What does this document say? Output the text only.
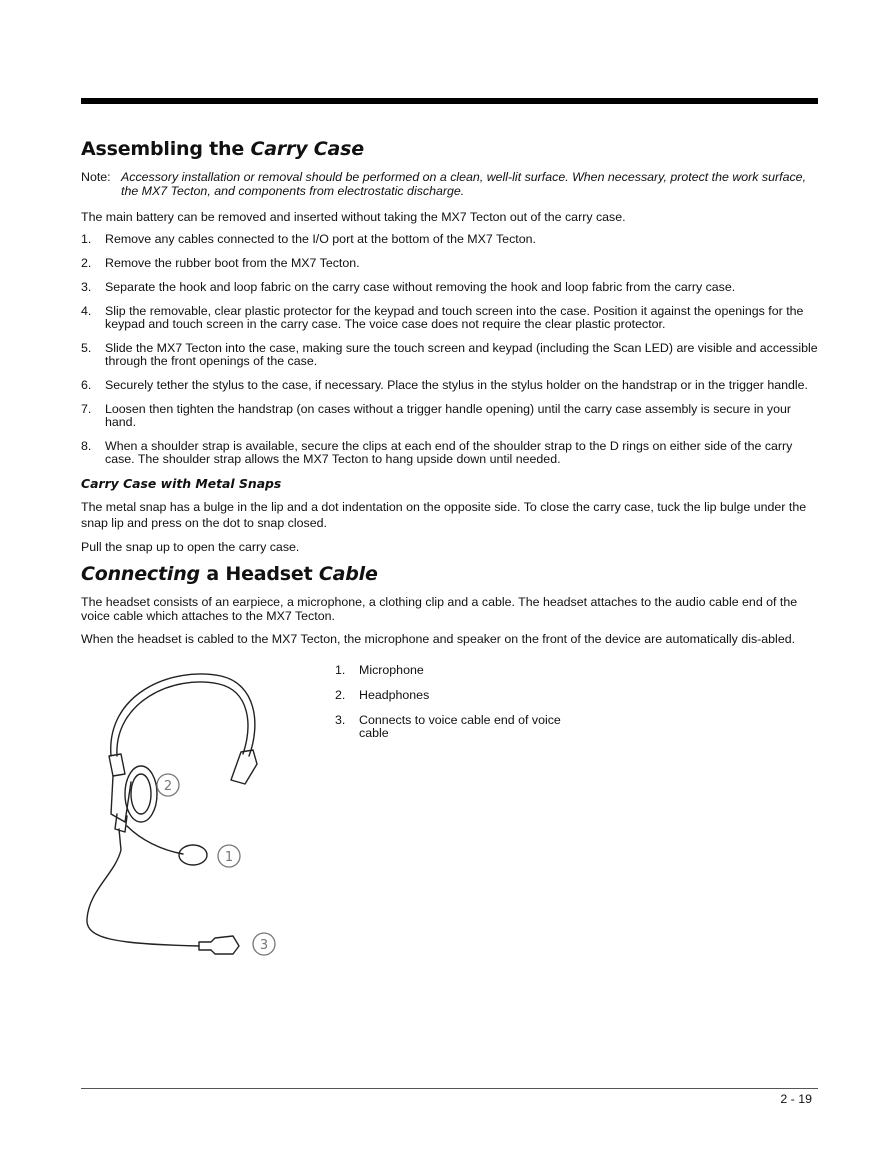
Assembling the Carry Case
Note: Accessory installation or removal should be performed on a clean, well-lit surface. When necessary, protect the work surface, the MX7 Tecton, and components from electrostatic discharge.

The main battery can be removed and inserted without taking the MX7 Tecton out of the carry case.

1.	Remove any cables connected to the I/O port at the bottom of the MX7 Tecton.
2.	Remove the rubber boot from the MX7 Tecton.
3.	Separate the hook and loop fabric on the carry case without removing the hook and loop fabric from the carry case.
4.	Slip the removable, clear plastic protector for the keypad and touch screen into the case. Position it against the openings for the keypad and touch screen in the carry case. The voice case does not require the clear plastic protector.
5.	Slide the MX7 Tecton into the case, making sure the touch screen and keypad (including the Scan LED) are visible and accessible through the front openings of the case.
6.	Securely tether the stylus to the case, if necessary. Place the stylus in the stylus holder on the handstrap or in the trigger handle.
7.	Loosen then tighten the handstrap (on cases without a trigger handle opening) until the carry case assembly is secure in your hand.
8.	When a shoulder strap is available, secure the clips at each end of the shoulder strap to the D rings on either side of the carry case. The shoulder strap allows the MX7 Tecton to hang upside down until needed.
Carry Case with Metal Snaps

The metal snap has a bulge in the lip and a dot indentation on the opposite side. To close the carry case, tuck the lip bulge under the snap lip and press on the dot to snap closed.

Pull the snap up to open the carry case.

Connecting a Headset Cable

The headset consists of an earpiece, a microphone, a clothing clip and a cable. The headset attaches to the audio cable end of the voice cable which attaches to the MX7 Tecton.

When the headset is cabled to the MX7 Tecton, the microphone and speaker on the front of the device are automatically dis-abled.

2
1
3
1.	Microphone
2.	Headphones
3.	Connects to voice cable end of voice cable
2 - 19
